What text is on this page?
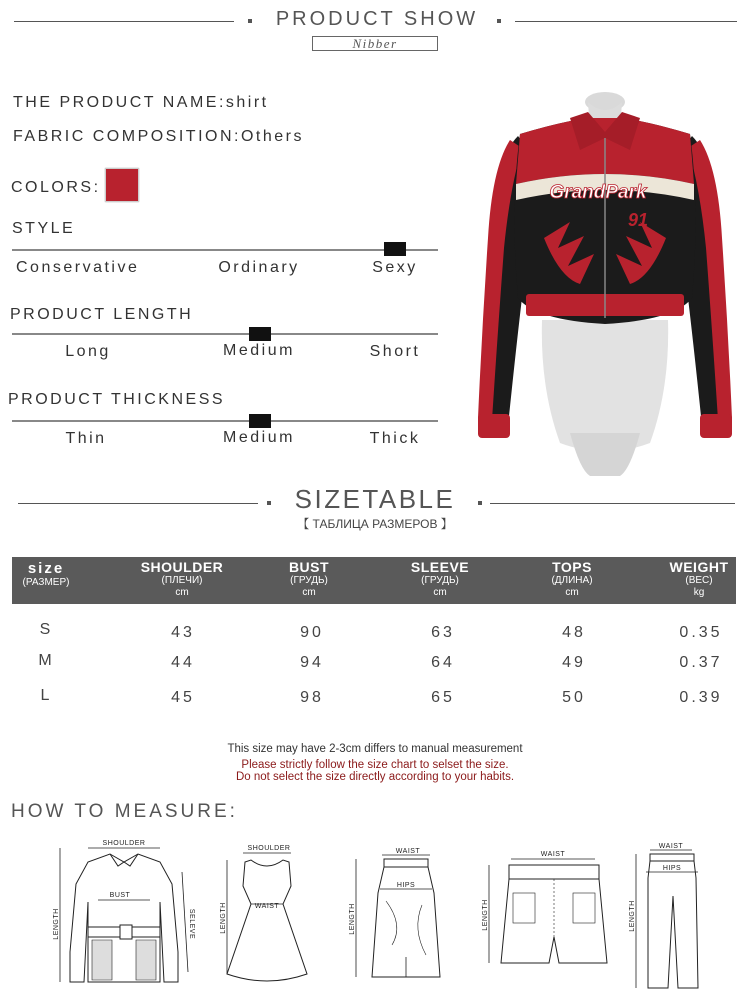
PRODUCT SHOW
Nibber
THE PRODUCT NAME:shirt
FABRIC COMPOSITION:Others
COLORS:
STYLE
Conservative	Ordinary	Sexy
PRODUCT LENGTH
Long	Medium	Short
PRODUCT THICKNESS
Thin	Medium	Thick
GrandPark
91
SIZETABLE
【 ТАБЛИЦА РАЗМЕРОВ 】
size
(РАЗМЕР)
SHOULDER
(ПЛЕЧИ)
cm
BUST
(ГРУДЬ)
cm
SLEEVE
(ГРУДЬ)
cm
TOPS
(ДЛИНА)
cm
WEIGHT
(ВЕС)
kg
S	43	90	63	48	0.35
M	44	94	64	49	0.37
L	45	98	65	50	0.39
This size may have 2-3cm differs to manual measurement
Please strictly follow the size chart to selset the size.
Do not select the size directly according to your habits.
HOW TO MEASURE:
SHOULDER
BUST
LENGTH	SELEVE
SHOULDER
WAIST
LENGTH
WAIST
HIPS
LENGTH
WAIST
LENGTH
WAIST
HIPS
LENGTH
